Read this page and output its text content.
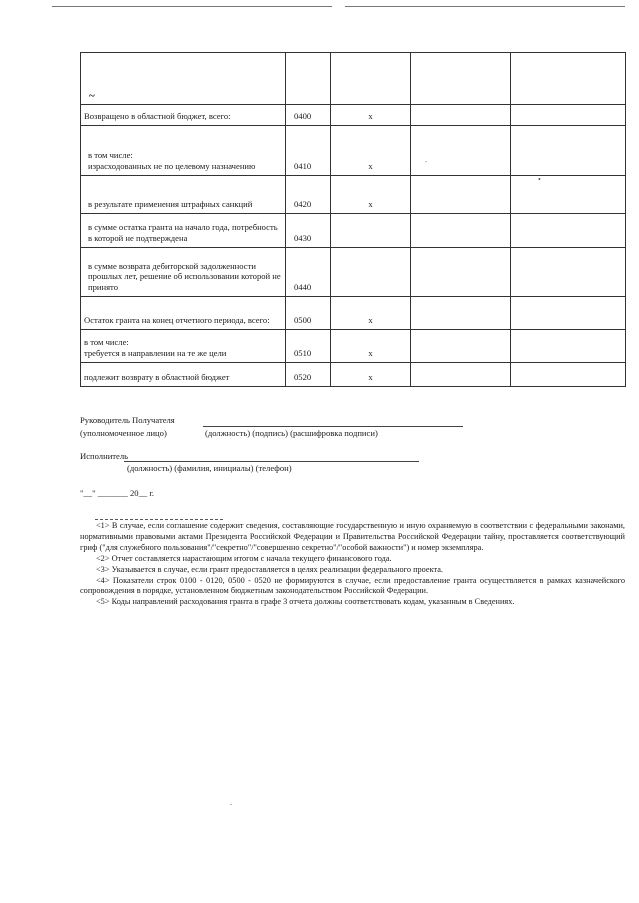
~				
Возвращено в областной бюджет, всего:	0400	x		
в том числе:
израсходованных не по целевому назначению	0410	x		
в результате применения штрафных санкций	0420	x		
в сумме остатка гранта на начало года, потребность в которой не подтверждена	0430			
в сумме возврата дебиторской задолженности прошлых лет, решение об использовании которой не принято	0440			
Остаток гранта на конец отчетного периода, всего:	0500	x		
в том числе:
требуется в направлении на те же цели	0510	x		
подлежит возврату в областной бюджет	0520	x		
.
•
Руководитель Получателя
(уполномоченное лицо)	(должность) (подпись) (расшифровка подписи)
Исполнитель
(должность) (фамилия, инициалы) (телефон)
"__" _______ 20__ г.

<1> В случае, если соглашение содержит сведения, составляющие государственную и иную охраняемую в соответствии с федеральными законами, нормативными правовыми актами Президента Российской Федерации и Правительства Российской Федерации тайну, проставляется соответствующий гриф ("для служебного пользования"/"секретно"/"совершенно секретно"/"особой важности") и номер экземпляра.

<2> Отчет составляется нарастающим итогом с начала текущего финансового года.

<3> Указывается в случае, если грант предоставляется в целях реализации федерального проекта.

<4> Показатели строк 0100 - 0120, 0500 - 0520 не формируются в случае, если предоставление гранта осуществляется в рамках казначейского сопровождения в порядке, установленном бюджетным законодательством Российской Федерации.

<5> Коды направлений расходования гранта в графе 3 отчета должны соответствовать кодам, указанным в Сведениях.

.
